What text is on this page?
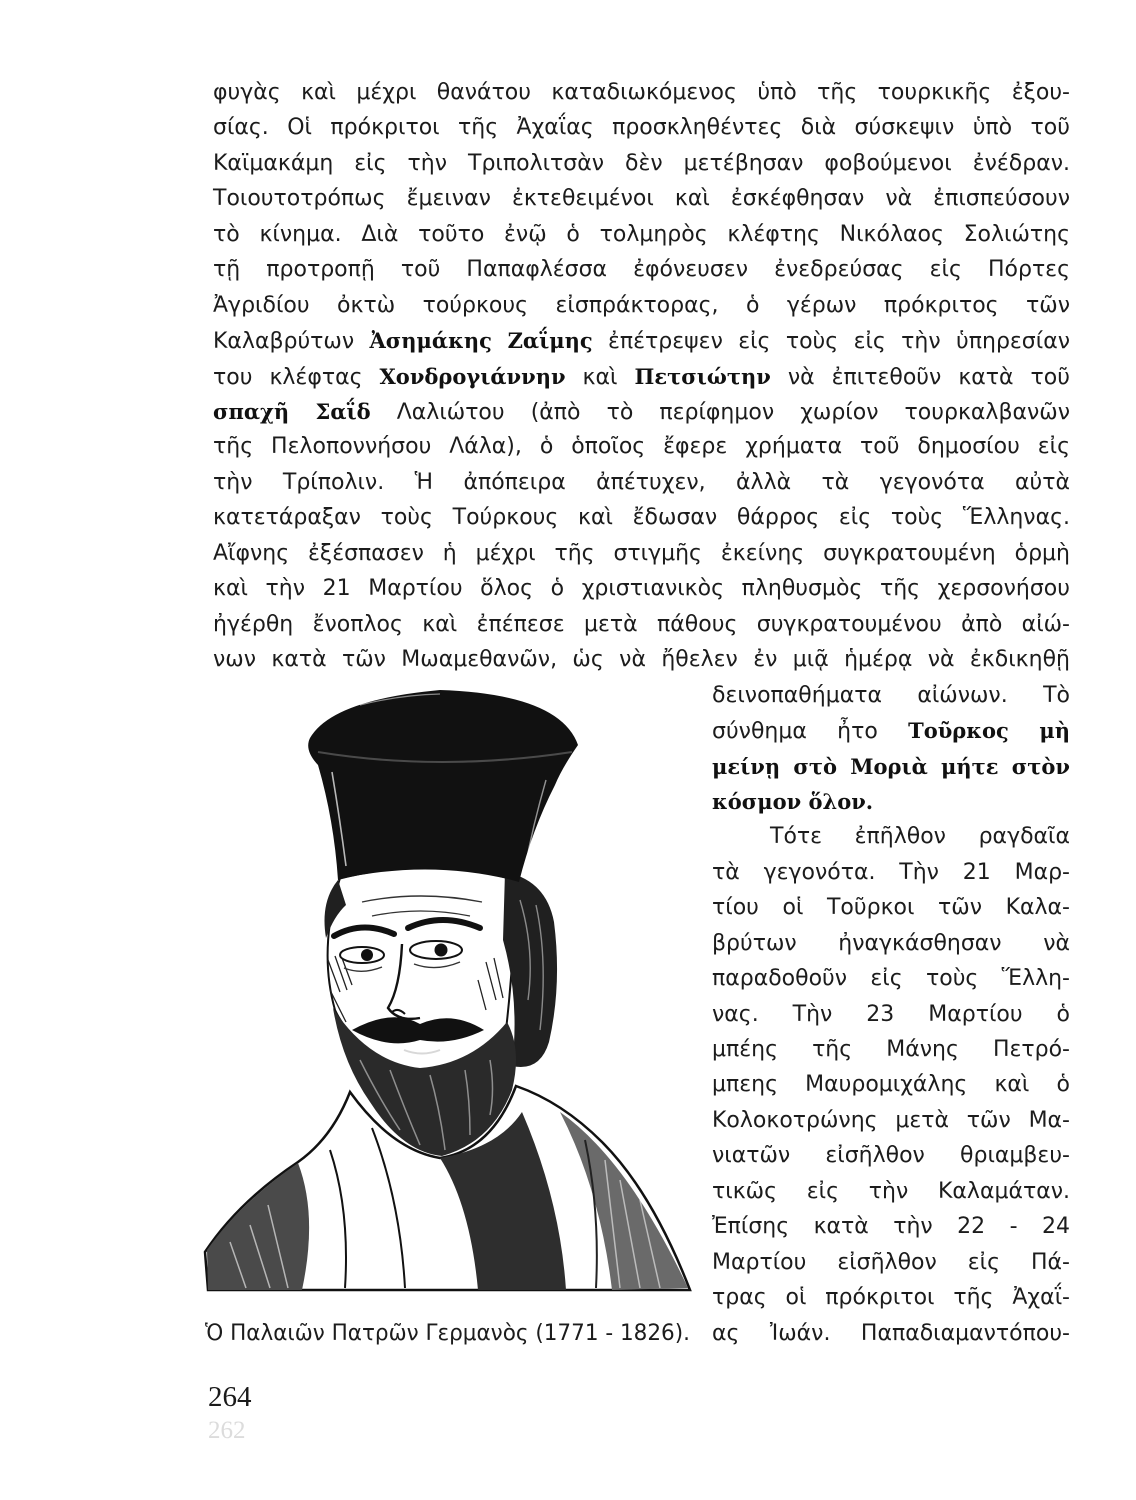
φυγὰς καὶ μέχρι θανάτου καταδιωκόμενος ὑπὸ τῆς τουρκικῆς ἐξου-
σίας. Οἱ πρόκριτοι τῆς Ἀχαΐας προσκληθέντες διὰ σύσκεψιν ὑπὸ τοῦ
Καϊμακάμη εἰς τὴν Τριπολιτσὰν δὲν μετέβησαν φοβούμενοι ἐνέδραν.
Τοιουτοτρόπως ἔμειναν ἐκτεθειμένοι καὶ ἐσκέφθησαν νὰ ἐπισπεύσουν
τὸ κίνημα. Διὰ τοῦτο ἐνῷ ὁ τολμηρὸς κλέφτης Νικόλαος Σολιώτης
τῇ προτροπῇ τοῦ Παπαφλέσσα ἐφόνευσεν ἐνεδρεύσας εἰς Πόρτες
Ἀγριδίου ὀκτὼ τούρκους εἰσπράκτορας, ὁ γέρων πρόκριτος τῶν
Καλαβρύτων Ἀσημάκης Ζαΐμης ἐπέτρεψεν εἰς τοὺς εἰς τὴν ὑπηρεσίαν
του κλέφτας Χονδρογιάννην καὶ Πετσιώτην νὰ ἐπιτεθοῦν κατὰ τοῦ
σπαχῆ Σαΐδ Λαλιώτου (ἀπὸ τὸ περίφημον χωρίον τουρκαλβανῶν
τῆς Πελοποννήσου Λάλα), ὁ ὁποῖος ἔφερε χρήματα τοῦ δημοσίου εἰς
τὴν Τρίπολιν. Ἡ ἀπόπειρα ἀπέτυχεν, ἀλλὰ τὰ γεγονότα αὐτὰ
κατετάραξαν τοὺς Τούρκους καὶ ἔδωσαν θάρρος εἰς τοὺς Ἕλληνας.
Αἴφνης ἐξέσπασεν ἡ μέχρι τῆς στιγμῆς ἐκείνης συγκρατουμένη ὁρμὴ
καὶ τὴν 21 Μαρτίου ὅλος ὁ χριστιανικὸς πληθυσμὸς τῆς χερσονήσου
ἠγέρθη ἔνοπλος καὶ ἐπέπεσε μετὰ πάθους συγκρατουμένου ἀπὸ αἰώ-
νων κατὰ τῶν Μωαμεθανῶν, ὡς νὰ ἤθελεν ἐν μιᾷ ἡμέρᾳ νὰ ἐκδικηθῇ
δεινοπαθήματα αἰώνων. Τὸ
σύνθημα ἦτο Τοῦρκος μὴ
μείνῃ στὸ Μοριὰ μήτε στὸν
κόσμον ὅλον.
Τότε ἐπῆλθον ραγδαῖα
τὰ γεγονότα. Τὴν 21 Μαρ-
τίου οἱ Τοῦρκοι τῶν Καλα-
βρύτων ἠναγκάσθησαν νὰ
παραδοθοῦν εἰς τοὺς Ἕλλη-
νας. Τὴν 23 Μαρτίου ὁ
μπέης τῆς Μάνης Πετρό-
μπεης Μαυρομιχάλης καὶ ὁ
Κολοκοτρώνης μετὰ τῶν Μα-
νιατῶν εἰσῆλθον θριαμβευ-
τικῶς εἰς τὴν Καλαμάταν.
Ἐπίσης κατὰ τὴν 22 - 24
Μαρτίου εἰσῆλθον εἰς Πά-
τρας οἱ πρόκριτοι τῆς Ἀχαΐ-
ας Ἰωάν. Παπαδιαμαντόπου-
Ὁ Παλαιῶν Πατρῶν Γερμανὸς (1771 - 1826).
264
262
